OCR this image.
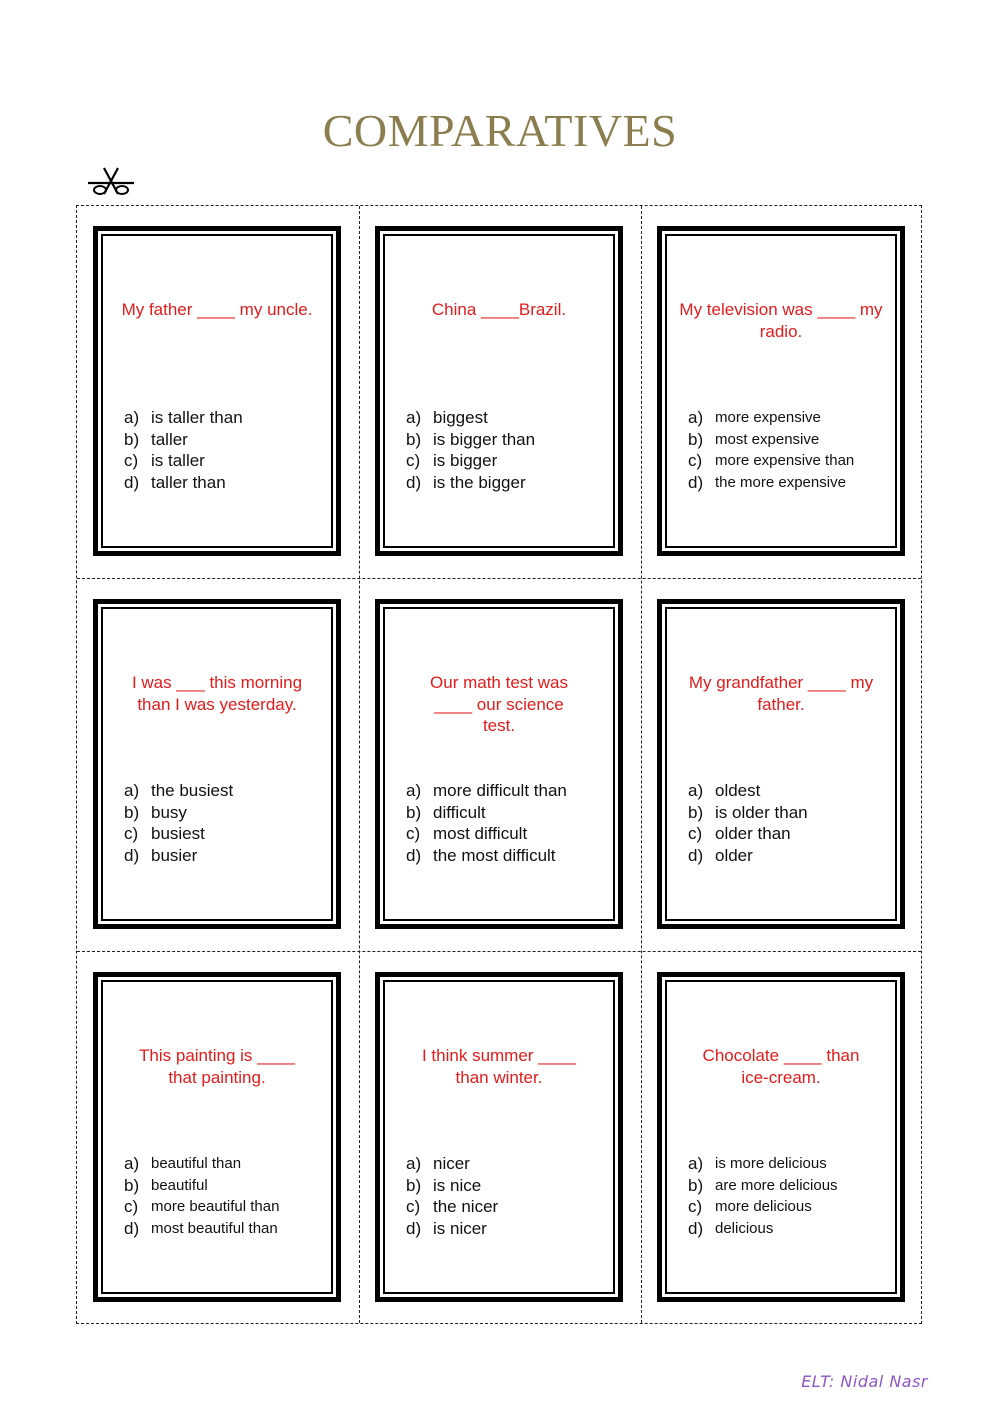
COMPARATIVES

My father ____ my uncle.

a) is taller than
b) taller
c) is taller
d) taller than

China ____Brazil.

a) biggest
b) is bigger than
c) is bigger
d) is the bigger

My television was ____ my radio.

a) more expensive
b) most expensive
c) more expensive than
d) the more expensive

I was ___ this morning than I was yesterday.

a) the busiest
b) busy
c) busiest
d) busier

Our math test was ____ our science test.

a) more difficult than
b) difficult
c) most difficult
d) the most difficult

My grandfather ____ my father.

a) oldest
b) is older than
c) older than
d) older

This painting is ____ that painting.

a) beautiful than
b) beautiful
c) more beautiful than
d) most beautiful than

I think summer ____ than winter.

a) nicer
b) is nice
c) the nicer
d) is nicer

Chocolate ____ than ice-cream.

a) is more delicious
b) are more delicious
c) more delicious
d) delicious
ELT: Nidal Nasr
